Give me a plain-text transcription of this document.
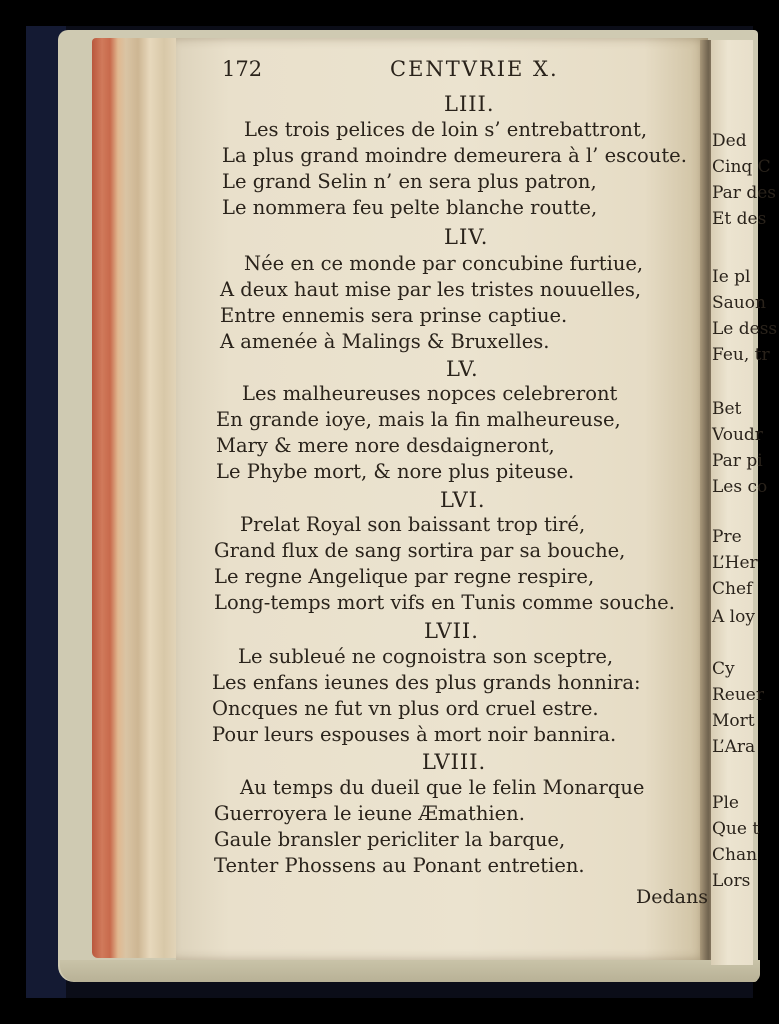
172	CENTVRIE X.
LIII.
Les trois pelices de loin s’ entrebattront,
La plus grand moindre demeurera à l’ escoute.
Le grand Selin n’ en sera plus patron,
Le nommera feu pelte blanche routte,
LIV.
Née en ce monde par concubine furtiue,
A deux haut mise par les tristes nouuelles,
Entre ennemis sera prinse captiue.
A amenée à Malings & Bruxelles.
LV.
Les malheureuses nopces celebreront
En grande ioye, mais la fin malheureuse,
Mary & mere nore desdaigneront,
Le Phybe mort, & nore plus piteuse.
LVI.
Prelat Royal son baissant trop tiré,
Grand flux de sang sortira par sa bouche,
Le regne Angelique par regne respire,
Long-temps mort vifs en Tunis comme souche.
LVII.
Le subleué ne cognoistra son sceptre,
Les enfans ieunes des plus grands honnira:
Oncques ne fut vn plus ord cruel estre.
Pour leurs espouses à mort noir bannira.
LVIII.
Au temps du dueil que le felin Monarque
Guerroyera le ieune Æmathien.
Gaule bransler pericliter la barque,
Tenter Phossens au Ponant entretien.
Dedans
Ded
Cinq C
Par des
Et des
Ie pl
Sauon
Le dess
Feu, tr
Bet
Voudr
Par pi
Les co
Pre
L’Her
Chef
A loy
Cy
Reuer
Mort
L’Ara
Ple
Que t
Chan
Lors
